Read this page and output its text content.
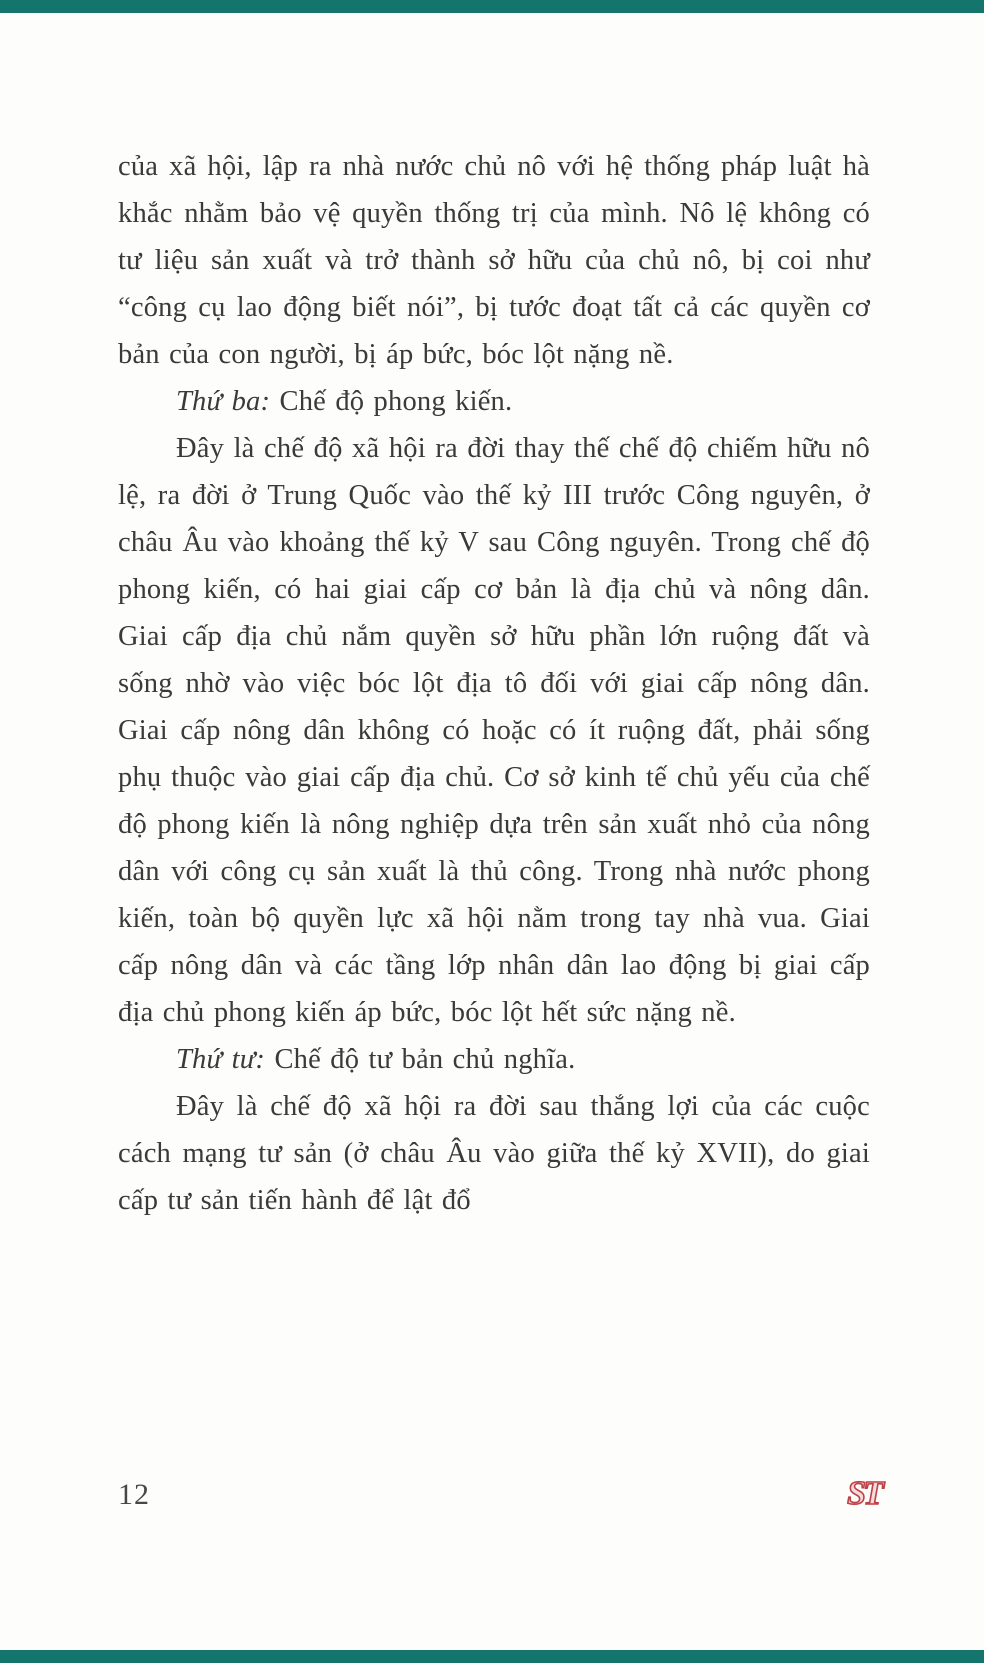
của xã hội, lập ra nhà nước chủ nô với hệ thống pháp luật hà khắc nhằm bảo vệ quyền thống trị của mình. Nô lệ không có tư liệu sản xuất và trở thành sở hữu của chủ nô, bị coi như “công cụ lao động biết nói”, bị tước đoạt tất cả các quyền cơ bản của con người, bị áp bức, bóc lột nặng nề.

Thứ ba: Chế độ phong kiến.

Đây là chế độ xã hội ra đời thay thế chế độ chiếm hữu nô lệ, ra đời ở Trung Quốc vào thế kỷ III trước Công nguyên, ở châu Âu vào khoảng thế kỷ V sau Công nguyên. Trong chế độ phong kiến, có hai giai cấp cơ bản là địa chủ và nông dân. Giai cấp địa chủ nắm quyền sở hữu phần lớn ruộng đất và sống nhờ vào việc bóc lột địa tô đối với giai cấp nông dân. Giai cấp nông dân không có hoặc có ít ruộng đất, phải sống phụ thuộc vào giai cấp địa chủ. Cơ sở kinh tế chủ yếu của chế độ phong kiến là nông nghiệp dựa trên sản xuất nhỏ của nông dân với công cụ sản xuất là thủ công. Trong nhà nước phong kiến, toàn bộ quyền lực xã hội nằm trong tay nhà vua. Giai cấp nông dân và các tầng lớp nhân dân lao động bị giai cấp địa chủ phong kiến áp bức, bóc lột hết sức nặng nề.

Thứ tư: Chế độ tư bản chủ nghĩa.

Đây là chế độ xã hội ra đời sau thắng lợi của các cuộc cách mạng tư sản (ở châu Âu vào giữa thế kỷ XVII), do giai cấp tư sản tiến hành để lật đổ

12	ST
